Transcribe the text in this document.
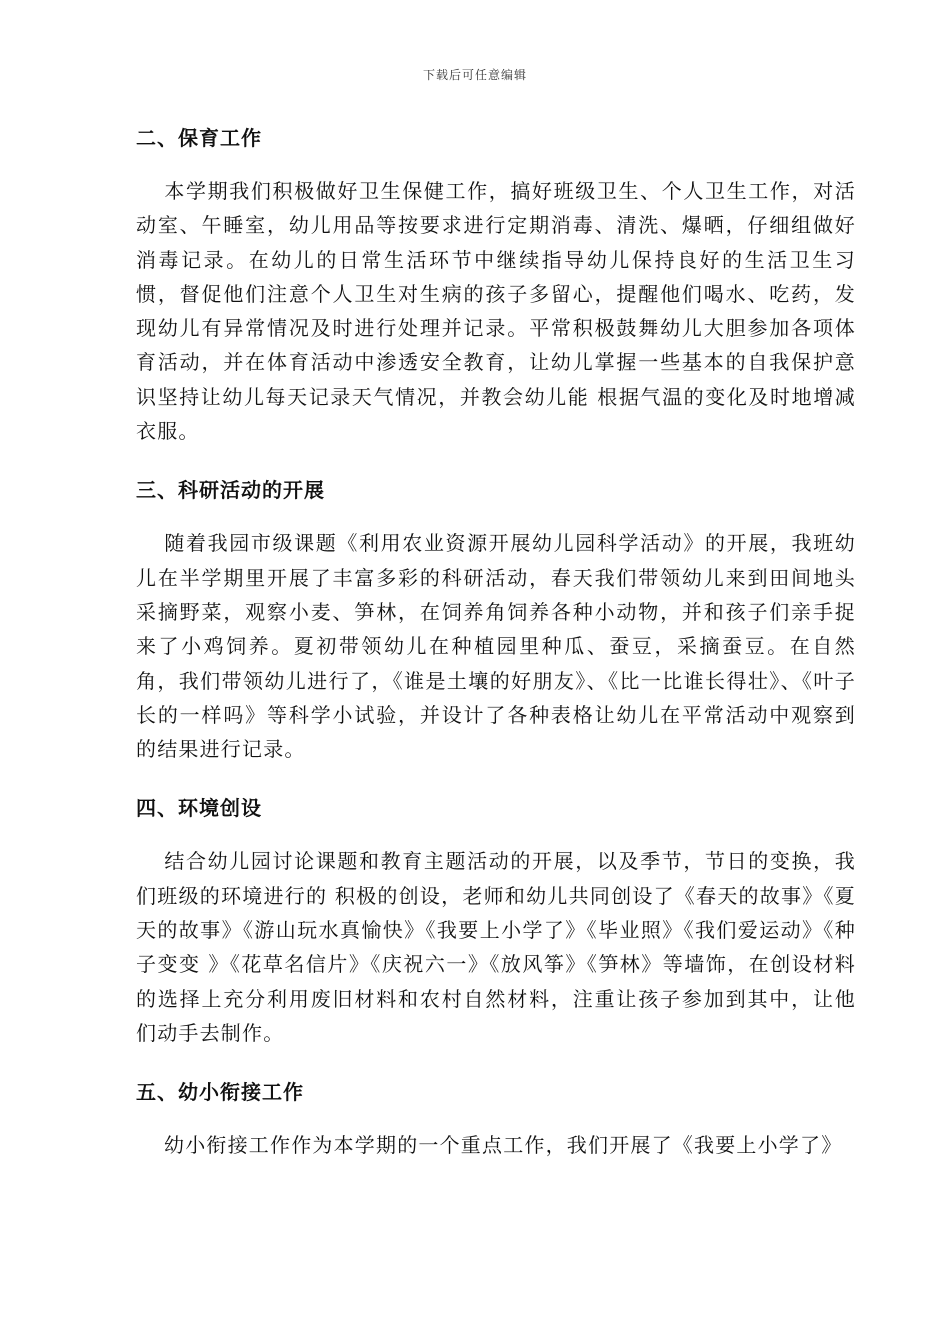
下载后可任意编辑
二、保育工作

本学期我们积极做好卫生保健工作，搞好班级卫生、个人卫生工作，对活动室、午睡室，幼儿用品等按要求进行定期消毒、清洗、爆晒，仔细组做好消毒记录。在幼儿的日常生活环节中继续指导幼儿保持良好的生活卫生习惯，督促他们注意个人卫生对生病的孩子多留心，提醒他们喝水、吃药，发现幼儿有异常情况及时进行处理并记录。平常积极鼓舞幼儿大胆参加各项体育活动，并在体育活动中渗透安全教育，让幼儿掌握一些基本的自我保护意识坚持让幼儿每天记录天气情况，并教会幼儿能 根据气温的变化及时地增减衣服。

三、科研活动的开展

随着我园市级课题《利用农业资源开展幼儿园科学活动》的开展，我班幼儿在半学期里开展了丰富多彩的科研活动，春天我们带领幼儿来到田间地头采摘野菜，观察小麦、笋林，在饲养角饲养各种小动物，并和孩子们亲手捉来了小鸡饲养。夏初带领幼儿在种植园里种瓜、蚕豆，采摘蚕豆。在自然角，我们带领幼儿进行了，《谁是土壤的好朋友》、《比一比谁长得壮》、《叶子长的一样吗》等科学小试验，并设计了各种表格让幼儿在平常活动中观察到的结果进行记录。

四、环境创设

结合幼儿园讨论课题和教育主题活动的开展，以及季节，节日的变换，我们班级的环境进行的 积极的创设，老师和幼儿共同创设了《春天的故事》《夏天的故事》《游山玩水真愉快》《我要上小学了》《毕业照》《我们爱运动》《种子变变 》《花草名信片》《庆祝六一》《放风筝》《笋林》等墙饰，在创设材料的选择上充分利用废旧材料和农村自然材料，注重让孩子参加到其中，让他们动手去制作。

五、幼小衔接工作

幼小衔接工作作为本学期的一个重点工作，我们开展了《我要上小学了》
